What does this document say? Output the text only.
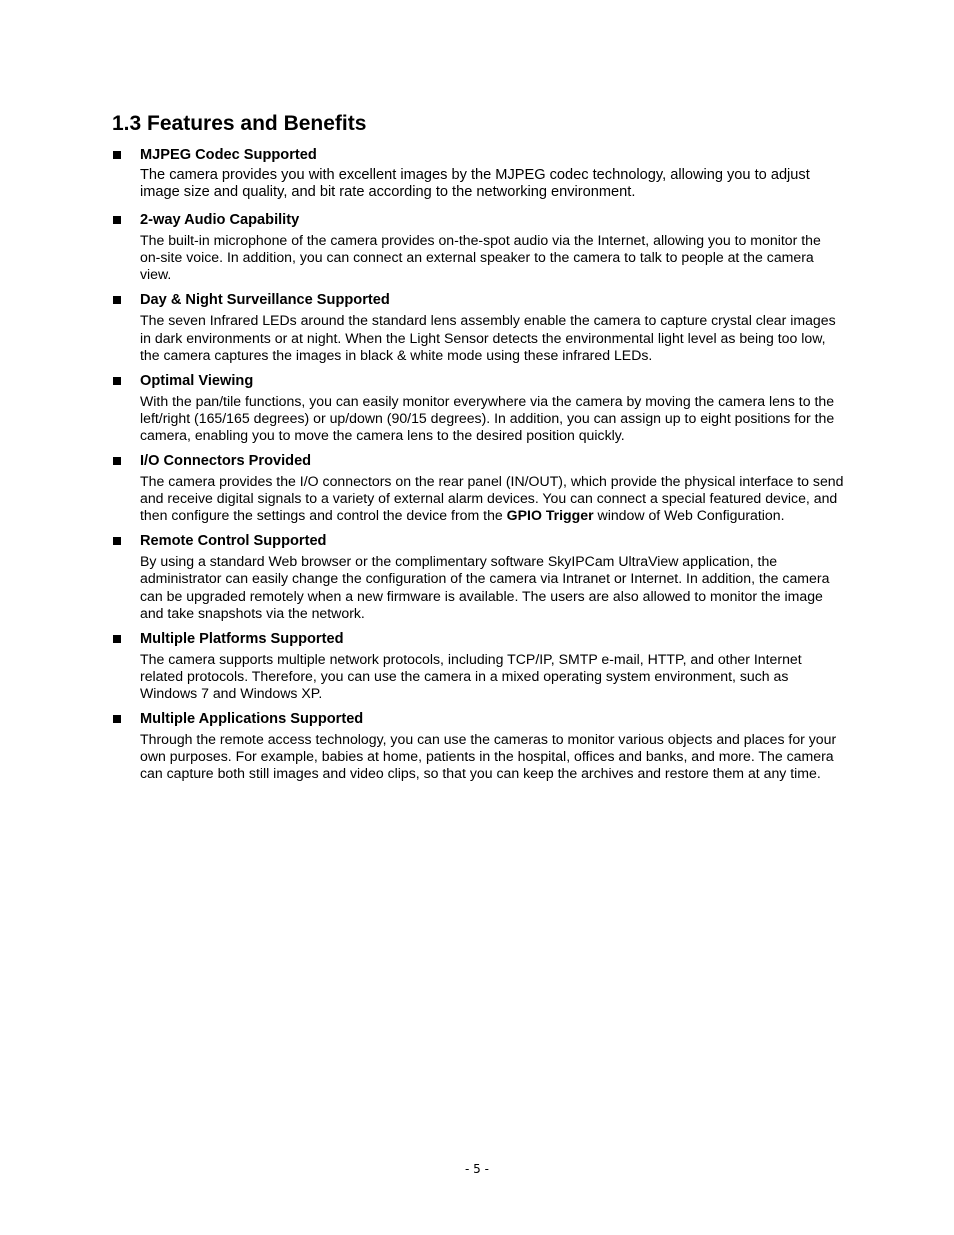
1.3 Features and Benefits
MJPEG Codec Supported

The camera provides you with excellent images by the MJPEG codec technology, allowing you to adjust image size and quality, and bit rate according to the networking environment.

2-way Audio Capability

The built-in microphone of the camera provides on-the-spot audio via the Internet, allowing you to monitor the on-site voice. In addition, you can connect an external speaker to the camera to talk to people at the camera view.

Day & Night Surveillance Supported

The seven Infrared LEDs around the standard lens assembly enable the camera to capture crystal clear images in dark environments or at night. When the Light Sensor detects the environmental light level as being too low, the camera captures the images in black & white mode using these infrared LEDs.

Optimal Viewing

With the pan/tile functions, you can easily monitor everywhere via the camera by moving the camera lens to the left/right (165/165 degrees) or up/down (90/15 degrees). In addition, you can assign up to eight positions for the camera, enabling you to move the camera lens to the desired position quickly.

I/O Connectors Provided

The camera provides the I/O connectors on the rear panel (IN/OUT), which provide the physical interface to send and receive digital signals to a variety of external alarm devices. You can connect a special featured device, and then configure the settings and control the device from the GPIO Trigger window of Web Configuration.

Remote Control Supported

By using a standard Web browser or the complimentary software SkyIPCam UltraView application, the administrator can easily change the configuration of the camera via Intranet or Internet. In addition, the camera can be upgraded remotely when a new firmware is available. The users are also allowed to monitor the image and take snapshots via the network.

Multiple Platforms Supported

The camera supports multiple network protocols, including TCP/IP, SMTP e-mail, HTTP, and other Internet related protocols. Therefore, you can use the camera in a mixed operating system environment, such as Windows 7 and Windows XP.

Multiple Applications Supported

Through the remote access technology, you can use the cameras to monitor various objects and places for your own purposes. For example, babies at home, patients in the hospital, offices and banks, and more. The camera can capture both still images and video clips, so that you can keep the archives and restore them at any time.

- 5 -
